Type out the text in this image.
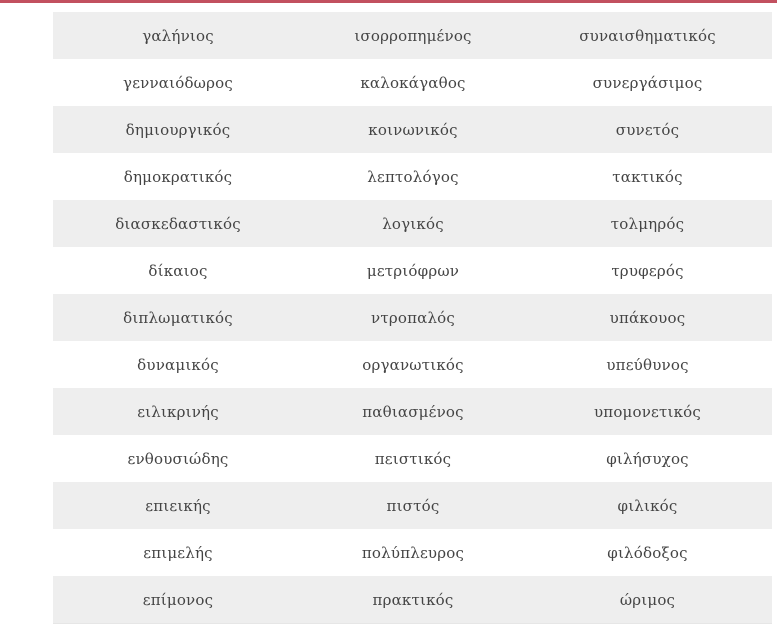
γαλήνιος	ισορροπημένος	συναισθηματικός
γενναιόδωρος	καλοκάγαθος	συνεργάσιμος
δημιουργικός	κοινωνικός	συνετός
δημοκρατικός	λεπτολόγος	τακτικός
διασκεδαστικός	λογικός	τολμηρός
δίκαιος	μετριόφρων	τρυφερός
διπλωματικός	ντροπαλός	υπάκουος
δυναμικός	οργανωτικός	υπεύθυνος
ειλικρινής	παθιασμένος	υπομονετικός
ενθουσιώδης	πειστικός	φιλήσυχος
επιεικής	πιστός	φιλικός
επιμελής	πολύπλευρος	φιλόδοξος
επίμονος	πρακτικός	ώριμος
